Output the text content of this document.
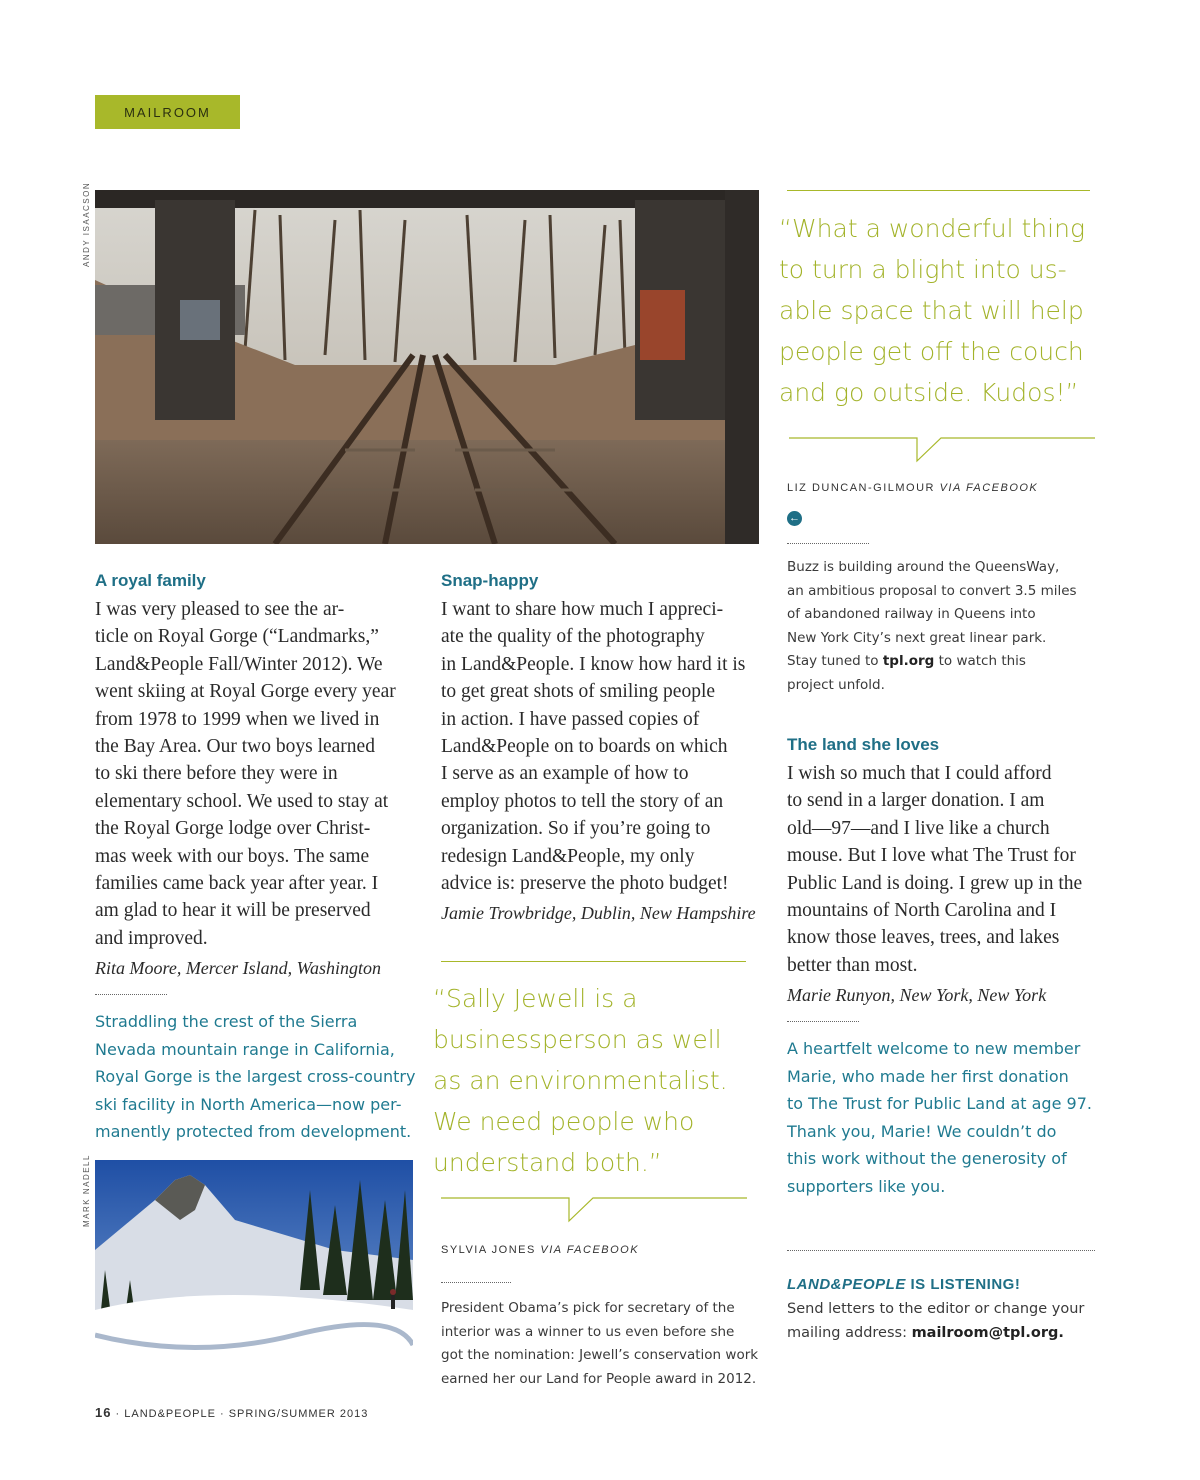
MAILROOM
ANDY ISAACSON
A royal family

I was very pleased to see the ar-

ticle on Royal Gorge (“Landmarks,”

Land&People Fall/Winter 2012). We

went skiing at Royal Gorge every year

from 1978 to 1999 when we lived in

the Bay Area. Our two boys learned

to ski there before they were in

elementary school. We used to stay at

the Royal Gorge lodge over Christ-

mas week with our boys. The same

families came back year after year. I

am glad to hear it will be preserved

and improved.

Rita Moore, Mercer Island, Washington
Straddling the crest of the Sierra
Nevada mountain range in California,
Royal Gorge is the largest cross-country
ski facility in North America—now per-
manently protected from development.
MARK NADELL
Snap-happy

I want to share how much I appreci-

ate the quality of the photography

in Land&People. I know how hard it is

to get great shots of smiling people

in action. I have passed copies of

Land&People on to boards on which

I serve as an example of how to

employ photos to tell the story of an

organization. So if you’re going to

redesign Land&People, my only

advice is: preserve the photo budget!

Jamie Trowbridge, Dublin, New Hampshire
“Sally Jewell is a
businessperson as well
as an environmentalist.
We need people who
understand both.”
SYLVIA JONES VIA FACEBOOK
President Obama’s pick for secretary of the
interior was a winner to us even before she
got the nomination: Jewell’s conservation work
earned her our Land for People award in 2012.
“What a wonderful thing
to turn a blight into us-
able space that will help
people get off the couch
and go outside. Kudos!”
LIZ DUNCAN-GILMOUR VIA FACEBOOK
←
Buzz is building around the QueensWay,
an ambitious proposal to convert 3.5 miles
of abandoned railway in Queens into
New York City’s next great linear park.
Stay tuned to tpl.org to watch this
project unfold.
The land she loves

I wish so much that I could afford

to send in a larger donation. I am

old—97—and I live like a church

mouse. But I love what The Trust for

Public Land is doing. I grew up in the

mountains of North Carolina and I

know those leaves, trees, and lakes

better than most.

Marie Runyon, New York, New York
A heartfelt welcome to new member
Marie, who made her first donation
to The Trust for Public Land at age 97.
Thank you, Marie! We couldn’t do
this work without the generosity of
supporters like you.
LAND&PEOPLE IS LISTENING!
Send letters to the editor or change your
mailing address: mailroom@tpl.org.
16 · LAND&PEOPLE · SPRING/SUMMER 2013
